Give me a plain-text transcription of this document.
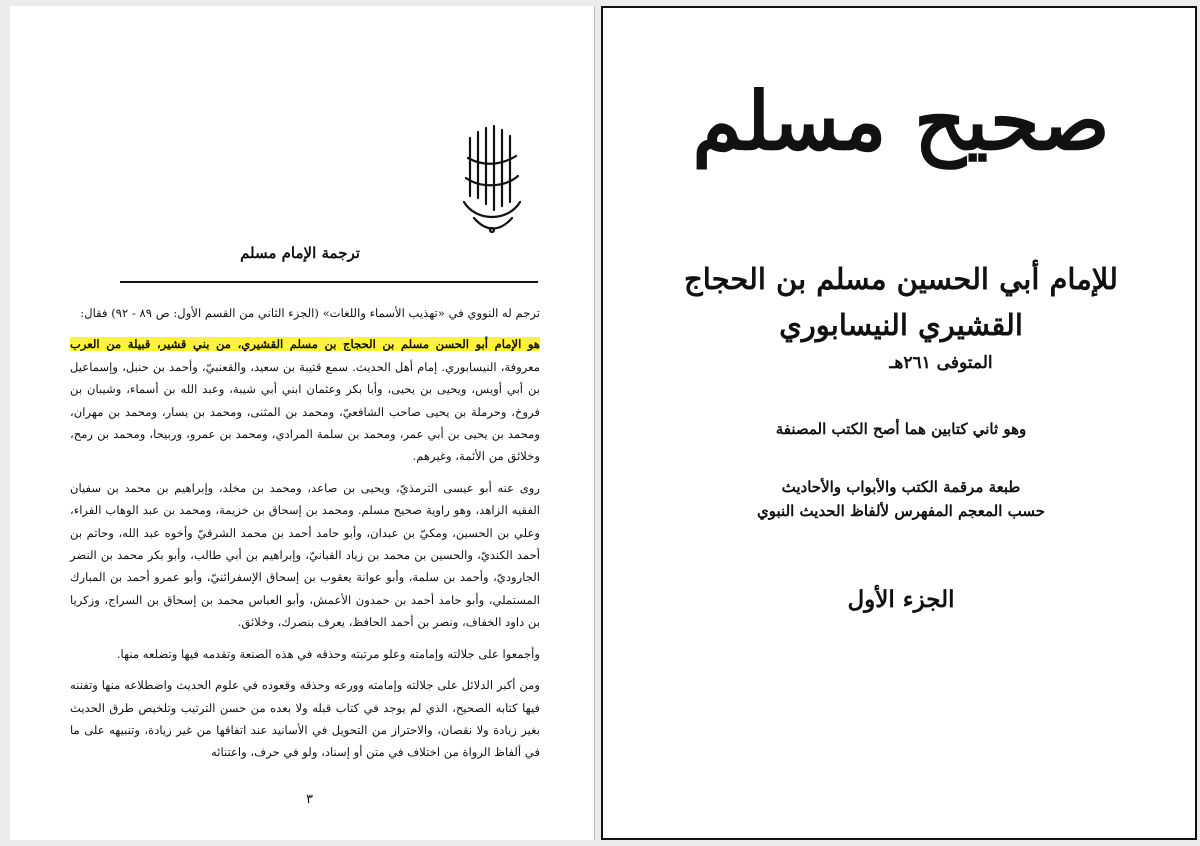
ترجمة الإمام مسلم

ترجم له النووي في «تهذيب الأسماء واللغات» (الجزء الثاني من القسم الأول: ص ٨٩ - ٩٢) فقال:

هو الإمام أبو الحسن مسلم بن الحجاج بن مسلم القشيري، من بني قشير، قبيلة من العرب معروفة، النيسابوري. إمام أهل الحديث. سمع قتيبة بن سعيد، والقعنبيّ، وأحمد بن حنبل، وإسماعيل بن أبي أويس، ويحيى بن يحيى، وأبا بكر وعثمان ابني أبي شيبة، وعبد الله بن أسماء، وشيبان بن فروخ، وحرملة بن يحيى صاحب الشافعيّ، ومحمد بن المثنى، ومحمد بن يسار، ومحمد بن مهران، ومحمد بن يحيى بن أبي عمر، ومحمد بن سلمة المرادي، ومحمد بن عمرو، وربيحا، ومحمد بن رمح، وخلائق من الأئمة، وغيرهم.

روى عنه أبو عيسى الترمذيّ، ويحيى بن صاعد، ومحمد بن مخلد، وإبراهيم بن محمد بن سفيان الفقيه الزاهد، وهو راوية صحيح مسلم. ومحمد بن إسحاق بن خزيمة، ومحمد بن عبد الوهاب الفراء، وعلي بن الحسين، ومكيّ بن عبدان، وأبو حامد أحمد بن محمد الشرقيّ وأخوه عبد الله، وحاتم بن أحمد الكنديّ، والحسين بن محمد بن زياد القبانيّ، وإبراهيم بن أبي طالب، وأبو بكر محمد بن النضر الجاروديّ، وأحمد بن سلمة، وأبو عوانة يعقوب بن إسحاق الإسفرائنيّ، وأبو عمرو أحمد بن المبارك المستملي، وأبو حامد أحمد بن حمدون الأعمش، وأبو العباس محمد بن إسحاق بن السراج، وزكريا بن داود الخفاف، ونصر بن أحمد الحافظ، يعرف بنصرك، وخلائق.

وأجمعوا على جلالته وإمامته وعلو مرتبته وحذقه في هذه الصنعة وتقدمه فيها وتضلعه منها.

ومن أكبر الدلائل على جلالته وإمامته وورعه وحذقه وقعوده في علوم الحديث واضطلاعه منها وتفننه فيها كتابه الصحيح، الذي لم يوجد في كتاب قبله ولا بعده من حسن الترتيب وتلخيص طرق الحديث بغير زيادة ولا نقصان، والاحتراز من التحويل في الأسانيد عند اتفاقها من غير زيادة، وتنبيهه على ما في ألفاظ الرواة من اختلاف في متن أو إسناد، ولو في حرف، واعتنائه

٣
صحيح مسلم
للإمام أبي الحسين مسلم بن الحجاج
القشيري النيسابوري
المتوفى ٢٦١هـ
وهو ثاني كتابين هما أصح الكتب المصنفة
طبعة مرقمة الكتب والأبواب والأحاديث
حسب المعجم المفهرس لألفاظ الحديث النبوي
الجزء الأول
